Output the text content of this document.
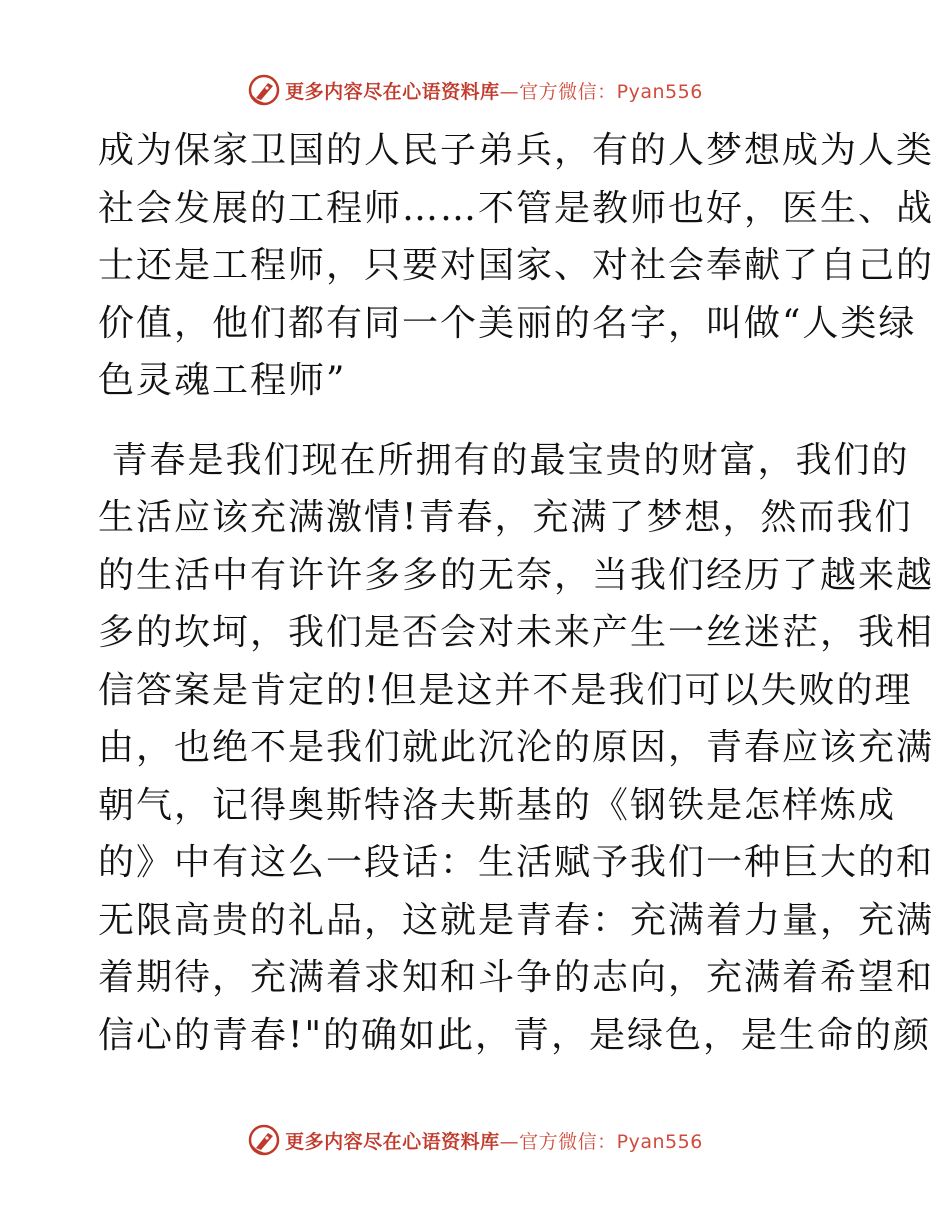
更多内容尽在心语资料库 —官方微信：Pyan556
成为保家卫国的人民子弟兵，有的人梦想成为人类
社会发展的工程师……不管是教师也好，医生、战
士还是工程师，只要对国家、对社会奉献了自己的
价值，他们都有同一个美丽的名字，叫做“人类绿
色灵魂工程师”
青春是我们现在所拥有的最宝贵的财富，我们的
生活应该充满激情!青春，充满了梦想，然而我们
的生活中有许许多多的无奈，当我们经历了越来越
多的坎坷，我们是否会对未来产生一丝迷茫，我相
信答案是肯定的!但是这并不是我们可以失败的理
由，也绝不是我们就此沉沦的原因，青春应该充满
朝气，记得奥斯特洛夫斯基的《钢铁是怎样炼成
的》中有这么一段话：生活赋予我们一种巨大的和
无限高贵的礼品，这就是青春：充满着力量，充满
着期待，充满着求知和斗争的志向，充满着希望和
信心的青春!"的确如此，青，是绿色，是生命的颜
更多内容尽在心语资料库 —官方微信：Pyan556
